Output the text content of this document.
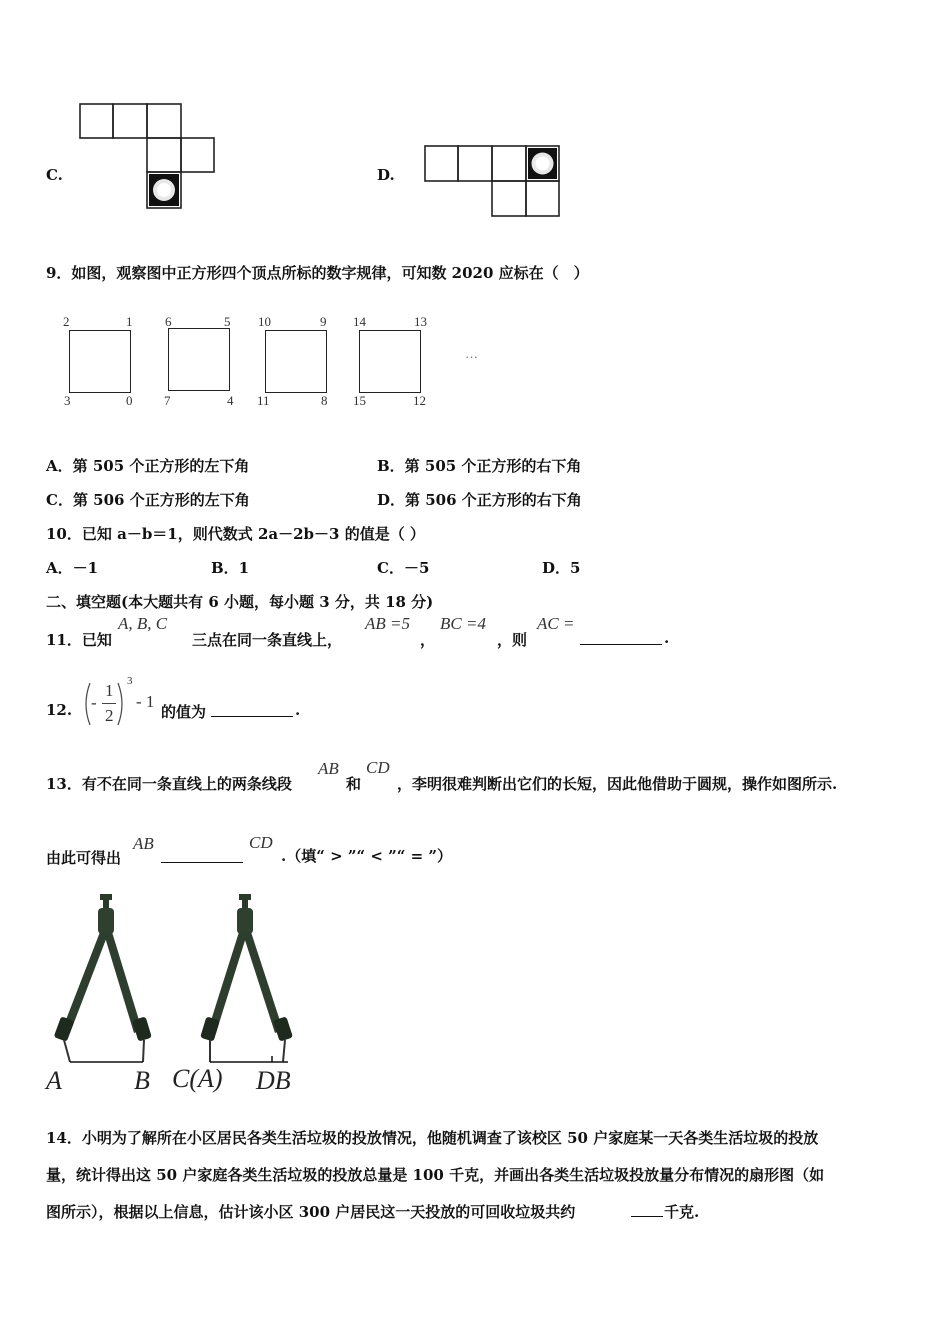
C.	D.
9．如图，观察图中正方形四个顶点所标的数字规律，可知数 2020 应标在（　）
2	1
3	0
6	5
7	4
10	9
11	8
14	13
15	12
…
A．第 505 个正方形的左下角	B．第 505 个正方形的右下角
C．第 506 个正方形的左下角	D．第 506 个正方形的右下角
10．已知 a－b＝1，则代数式 2a－2b－3 的值是（ ）
A．－1	B．1	C．－5	D．5
二、填空题(本大题共有 6 小题，每小题 3 分，共 18 分)
11．已知
A, B, C
三点在同一条直线上，
AB =5
，
BC =4
，则
AC =
.
12. -
1
2
3
- 1
的值为	.
13．有不在同一条直线上的两条线段
AB
和
CD
，李明很难判断出它们的长短，因此他借助于圆规，操作如图所示.
由此可得出
AB	CD
.（填“ > ”“ < ”“ = ”）
A	B C(A) DB
14．小明为了解所在小区居民各类生活垃圾的投放情况，他随机调查了该校区 50 户家庭某一天各类生活垃圾的投放
量，统计得出这 50 户家庭各类生活垃圾的投放总量是 100 千克，并画出各类生活垃圾投放量分布情况的扇形图（如
图所示），根据以上信息，估计该小区 300 户居民这一天投放的可回收垃圾共约	千克.
